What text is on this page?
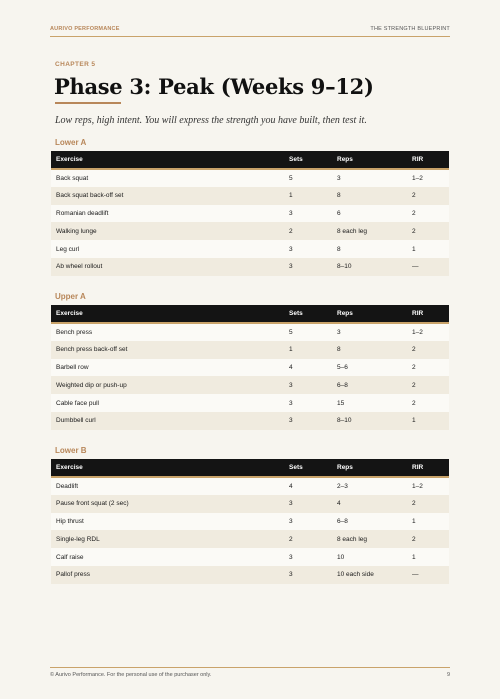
AURIVO PERFORMANCE	THE STRENGTH BLUEPRINT
CHAPTER 5
Phase 3: Peak (Weeks 9–12)

Low reps, high intent. You will express the strength you have built, then test it.

Lower A
Exercise	Sets	Reps	RIR
Back squat	5	3	1–2
Back squat back-off set	1	8	2
Romanian deadlift	3	6	2
Walking lunge	2	8 each leg	2
Leg curl	3	8	1
Ab wheel rollout	3	8–10	—
Upper A
Exercise	Sets	Reps	RIR
Bench press	5	3	1–2
Bench press back-off set	1	8	2
Barbell row	4	5–6	2
Weighted dip or push-up	3	6–8	2
Cable face pull	3	15	2
Dumbbell curl	3	8–10	1
Lower B
Exercise	Sets	Reps	RIR
Deadlift	4	2–3	1–2
Pause front squat (2 sec)	3	4	2
Hip thrust	3	6–8	1
Single-leg RDL	2	8 each leg	2
Calf raise	3	10	1
Pallof press	3	10 each side	—
© Aurivo Performance. For the personal use of the purchaser only.	9
